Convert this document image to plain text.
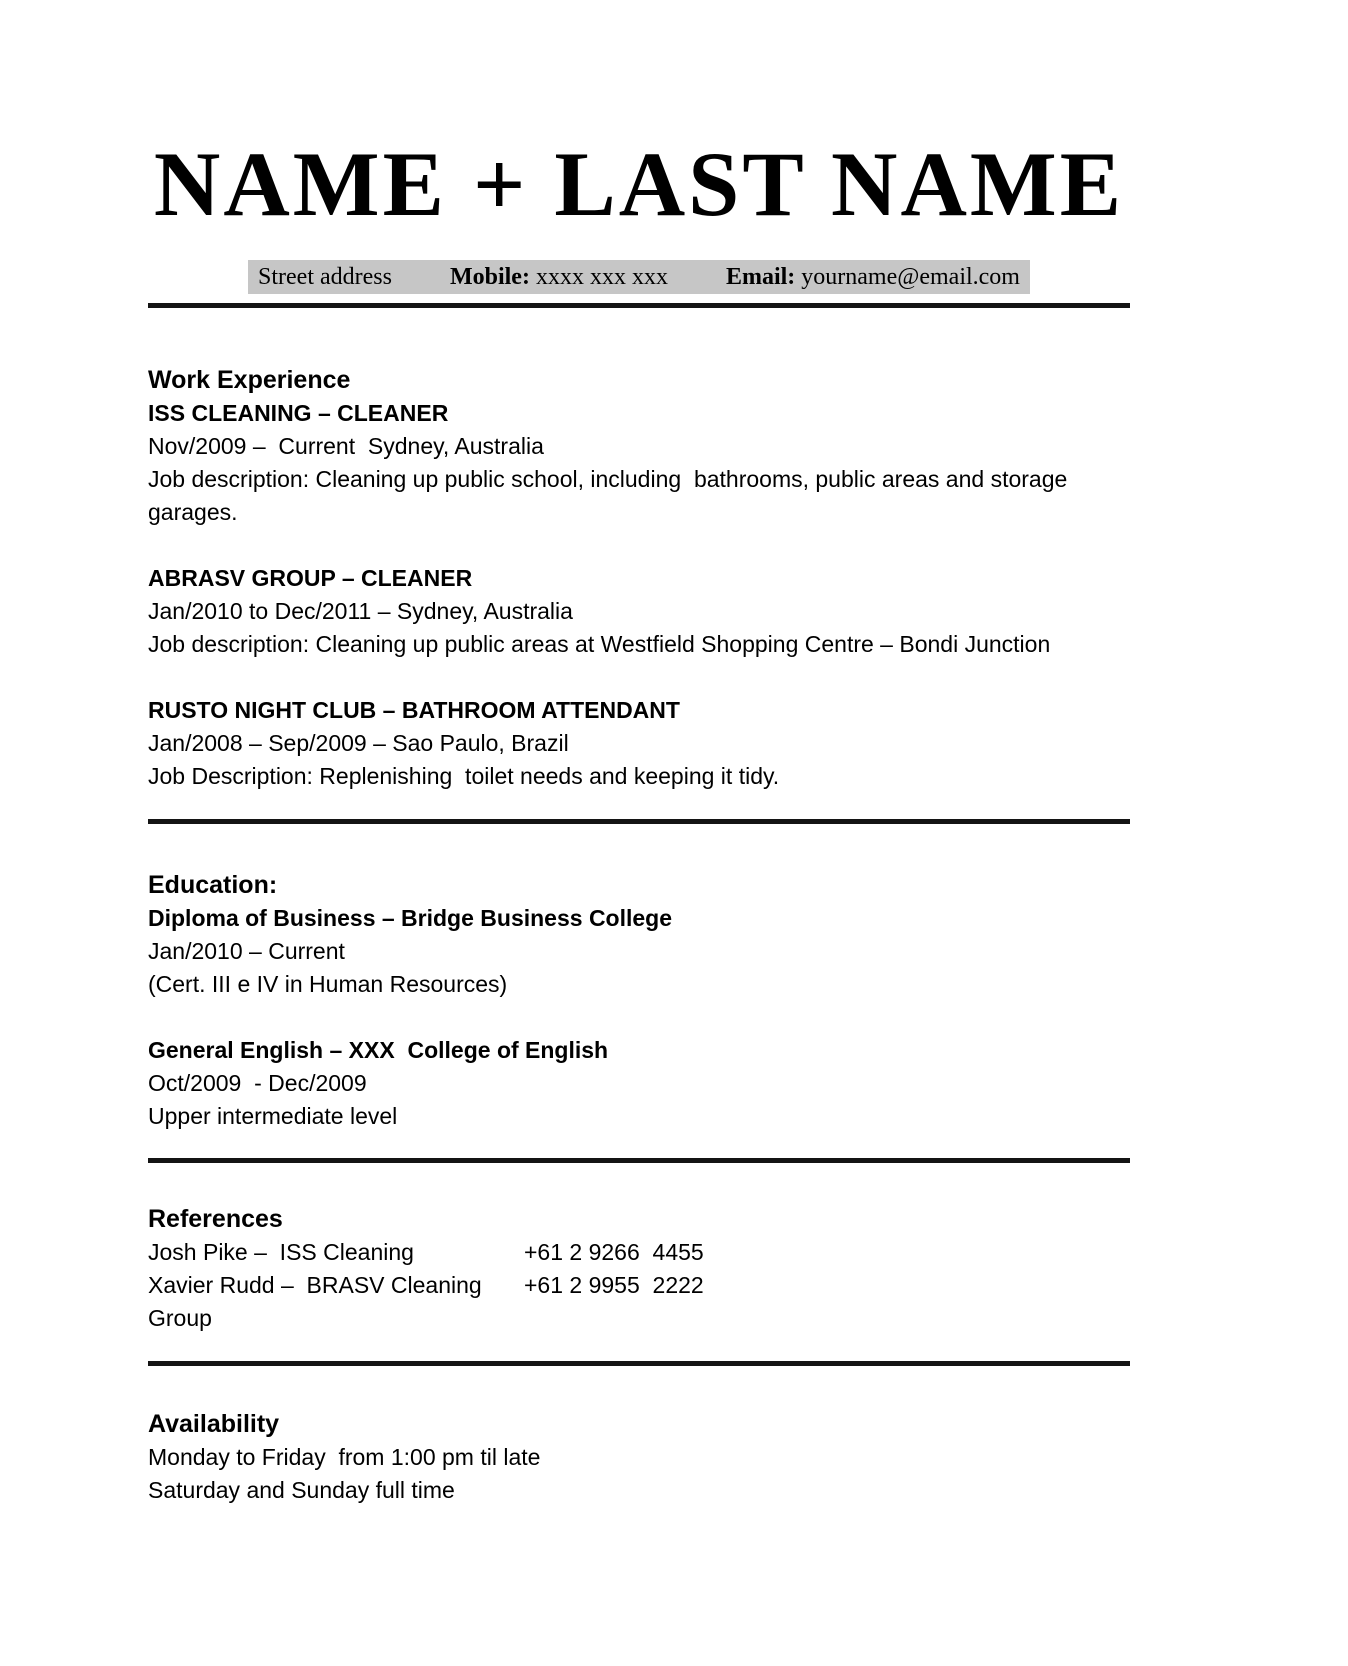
NAME + LAST NAME
Street address Mobile: xxxx xxx xxx Email: yourname@email.com
Work Experience
ISS CLEANING – CLEANER
Nov/2009 –  Current  Sydney, Australia
Job description: Cleaning up public school, including  bathrooms, public areas and storage garages.
ABRASV GROUP – CLEANER
Jan/2010 to Dec/2011 – Sydney, Australia
Job description: Cleaning up public areas at Westfield Shopping Centre – Bondi Junction
RUSTO NIGHT CLUB – BATHROOM ATTENDANT
Jan/2008 – Sep/2009 – Sao Paulo, Brazil
Job Description: Replenishing  toilet needs and keeping it tidy.
Education:
Diploma of Business – Bridge Business College
Jan/2010 – Current
(Cert. III e IV in Human Resources)
General English – XXX  College of English
Oct/2009  - Dec/2009
Upper intermediate level
References
Josh Pike –  ISS Cleaning	+61 2 9266  4455
Xavier Rudd –  BRASV Cleaning  Group
+61 2 9955  2222
Availability
Monday to Friday  from 1:00 pm til late
Saturday and Sunday full time
